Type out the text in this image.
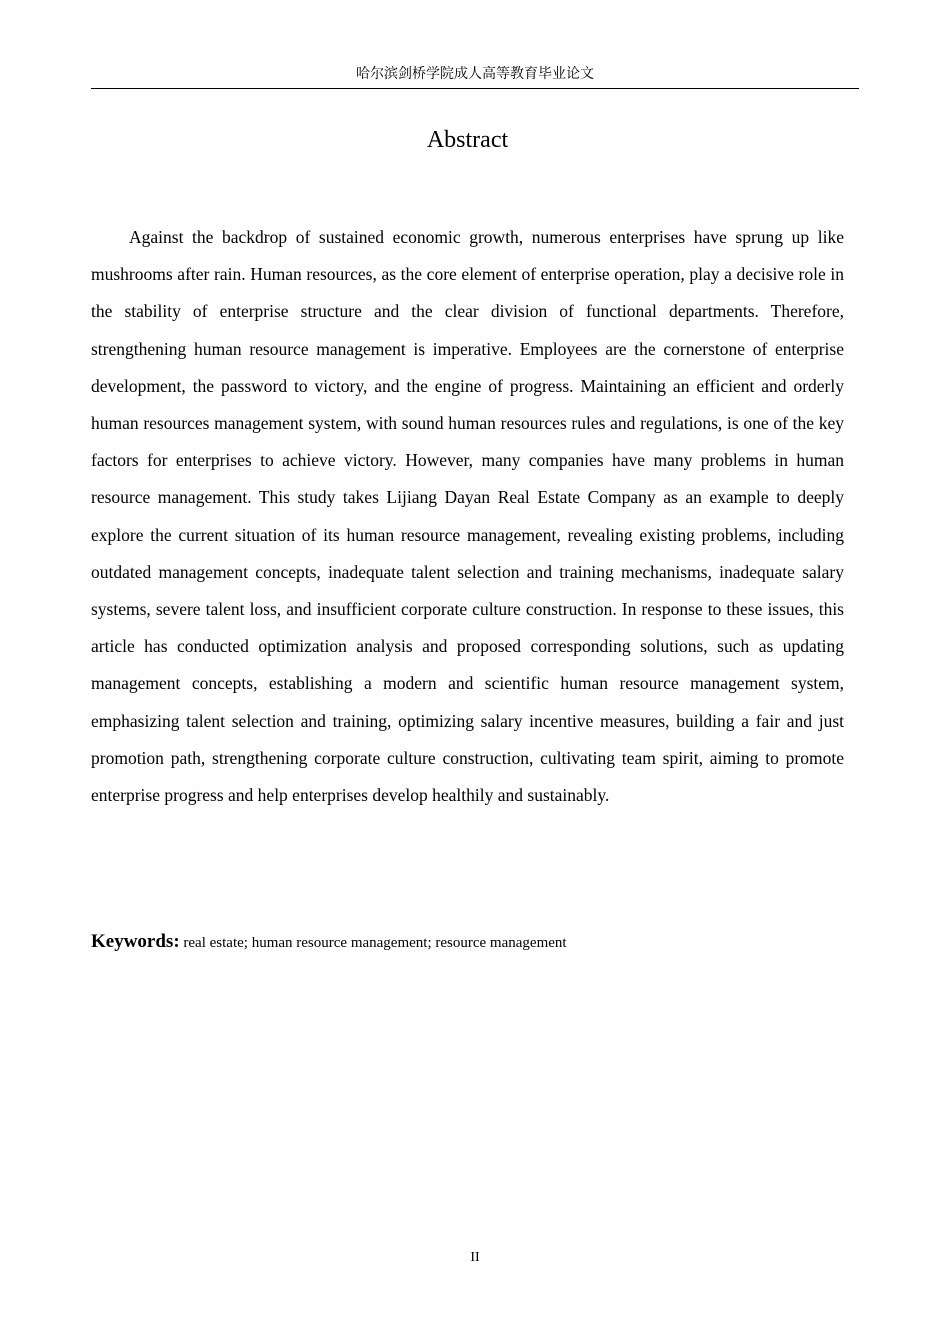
哈尔滨剑桥学院成人高等教育毕业论文
Abstract

Against the backdrop of sustained economic growth, numerous enterprises have sprung up like mushrooms after rain. Human resources, as the core element of enterprise operation, play a decisive role in the stability of enterprise structure and the clear division of functional departments. Therefore, strengthening human resource management is imperative. Employees are the cornerstone of enterprise development, the password to victory, and the engine of progress. Maintaining an efficient and orderly human resources management system, with sound human resources rules and regulations, is one of the key factors for enterprises to achieve victory. However, many companies have many problems in human resource management. This study takes Lijiang Dayan Real Estate Company as an example to deeply explore the current situation of its human resource management, revealing existing problems, including outdated management concepts, inadequate talent selection and training mechanisms, inadequate salary systems, severe talent loss, and insufficient corporate culture construction. In response to these issues, this article has conducted optimization analysis and proposed corresponding solutions, such as updating management concepts, establishing a modern and scientific human resource management system, emphasizing talent selection and training, optimizing salary incentive measures, building a fair and just promotion path, strengthening corporate culture construction, cultivating team spirit, aiming to promote enterprise progress and help enterprises develop healthily and sustainably.

Keywords: real estate; human resource management; resource management

II
